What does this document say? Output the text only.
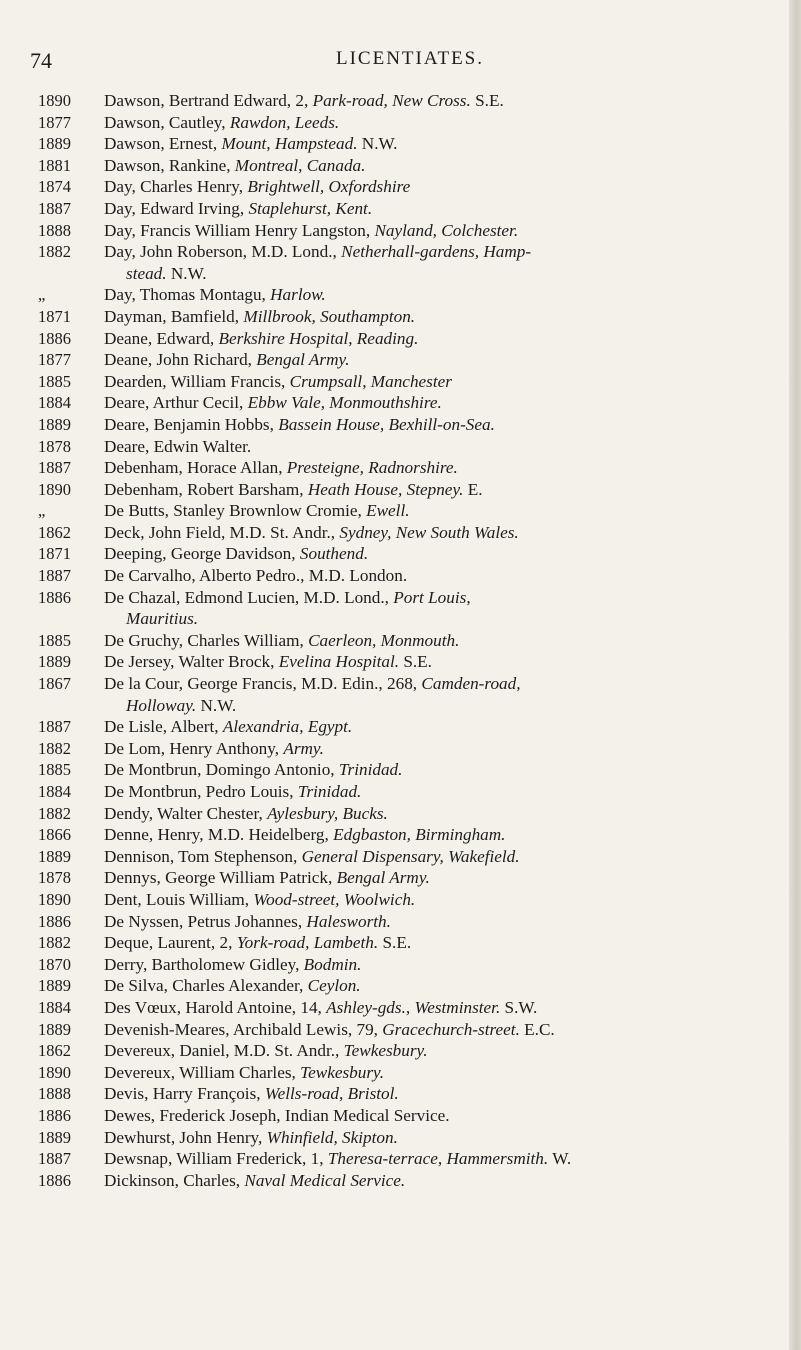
74	LICENTIATES.
1890	Dawson, Bertrand Edward, 2, Park-road, New Cross. S.E.
1877	Dawson, Cautley, Rawdon, Leeds.
1889	Dawson, Ernest, Mount, Hampstead. N.W.
1881	Dawson, Rankine, Montreal, Canada.
1874	Day, Charles Henry, Brightwell, Oxfordshire
1887	Day, Edward Irving, Staplehurst, Kent.
1888	Day, Francis William Henry Langston, Nayland, Colchester.
1882	Day, John Roberson, M.D. Lond., Netherhall-gardens, Hamp-
stead. N.W.
„	Day, Thomas Montagu, Harlow.
1871	Dayman, Bamfield, Millbrook, Southampton.
1886	Deane, Edward, Berkshire Hospital, Reading.
1877	Deane, John Richard, Bengal Army.
1885	Dearden, William Francis, Crumpsall, Manchester
1884	Deare, Arthur Cecil, Ebbw Vale, Monmouthshire.
1889	Deare, Benjamin Hobbs, Bassein House, Bexhill-on-Sea.
1878	Deare, Edwin Walter.
1887	Debenham, Horace Allan, Presteigne, Radnorshire.
1890	Debenham, Robert Barsham, Heath House, Stepney. E.
„	De Butts, Stanley Brownlow Cromie, Ewell.
1862	Deck, John Field, M.D. St. Andr., Sydney, New South Wales.
1871	Deeping, George Davidson, Southend.
1887	De Carvalho, Alberto Pedro., M.D. London.
1886	De Chazal, Edmond Lucien, M.D. Lond., Port Louis,
Mauritius.
1885	De Gruchy, Charles William, Caerleon, Monmouth.
1889	De Jersey, Walter Brock, Evelina Hospital. S.E.
1867	De la Cour, George Francis, M.D. Edin., 268, Camden-road,
Holloway. N.W.
1887	De Lisle, Albert, Alexandria, Egypt.
1882	De Lom, Henry Anthony, Army.
1885	De Montbrun, Domingo Antonio, Trinidad.
1884	De Montbrun, Pedro Louis, Trinidad.
1882	Dendy, Walter Chester, Aylesbury, Bucks.
1866	Denne, Henry, M.D. Heidelberg, Edgbaston, Birmingham.
1889	Dennison, Tom Stephenson, General Dispensary, Wakefield.
1878	Dennys, George William Patrick, Bengal Army.
1890	Dent, Louis William, Wood-street, Woolwich.
1886	De Nyssen, Petrus Johannes, Halesworth.
1882	Deque, Laurent, 2, York-road, Lambeth. S.E.
1870	Derry, Bartholomew Gidley, Bodmin.
1889	De Silva, Charles Alexander, Ceylon.
1884	Des Vœux, Harold Antoine, 14, Ashley-gds., Westminster. S.W.
1889	Devenish-Meares, Archibald Lewis, 79, Gracechurch-street. E.C.
1862	Devereux, Daniel, M.D. St. Andr., Tewkesbury.
1890	Devereux, William Charles, Tewkesbury.
1888	Devis, Harry François, Wells-road, Bristol.
1886	Dewes, Frederick Joseph, Indian Medical Service.
1889	Dewhurst, John Henry, Whinfield, Skipton.
1887	Dewsnap, William Frederick, 1, Theresa-terrace, Hammersmith. W.
1886	Dickinson, Charles, Naval Medical Service.
